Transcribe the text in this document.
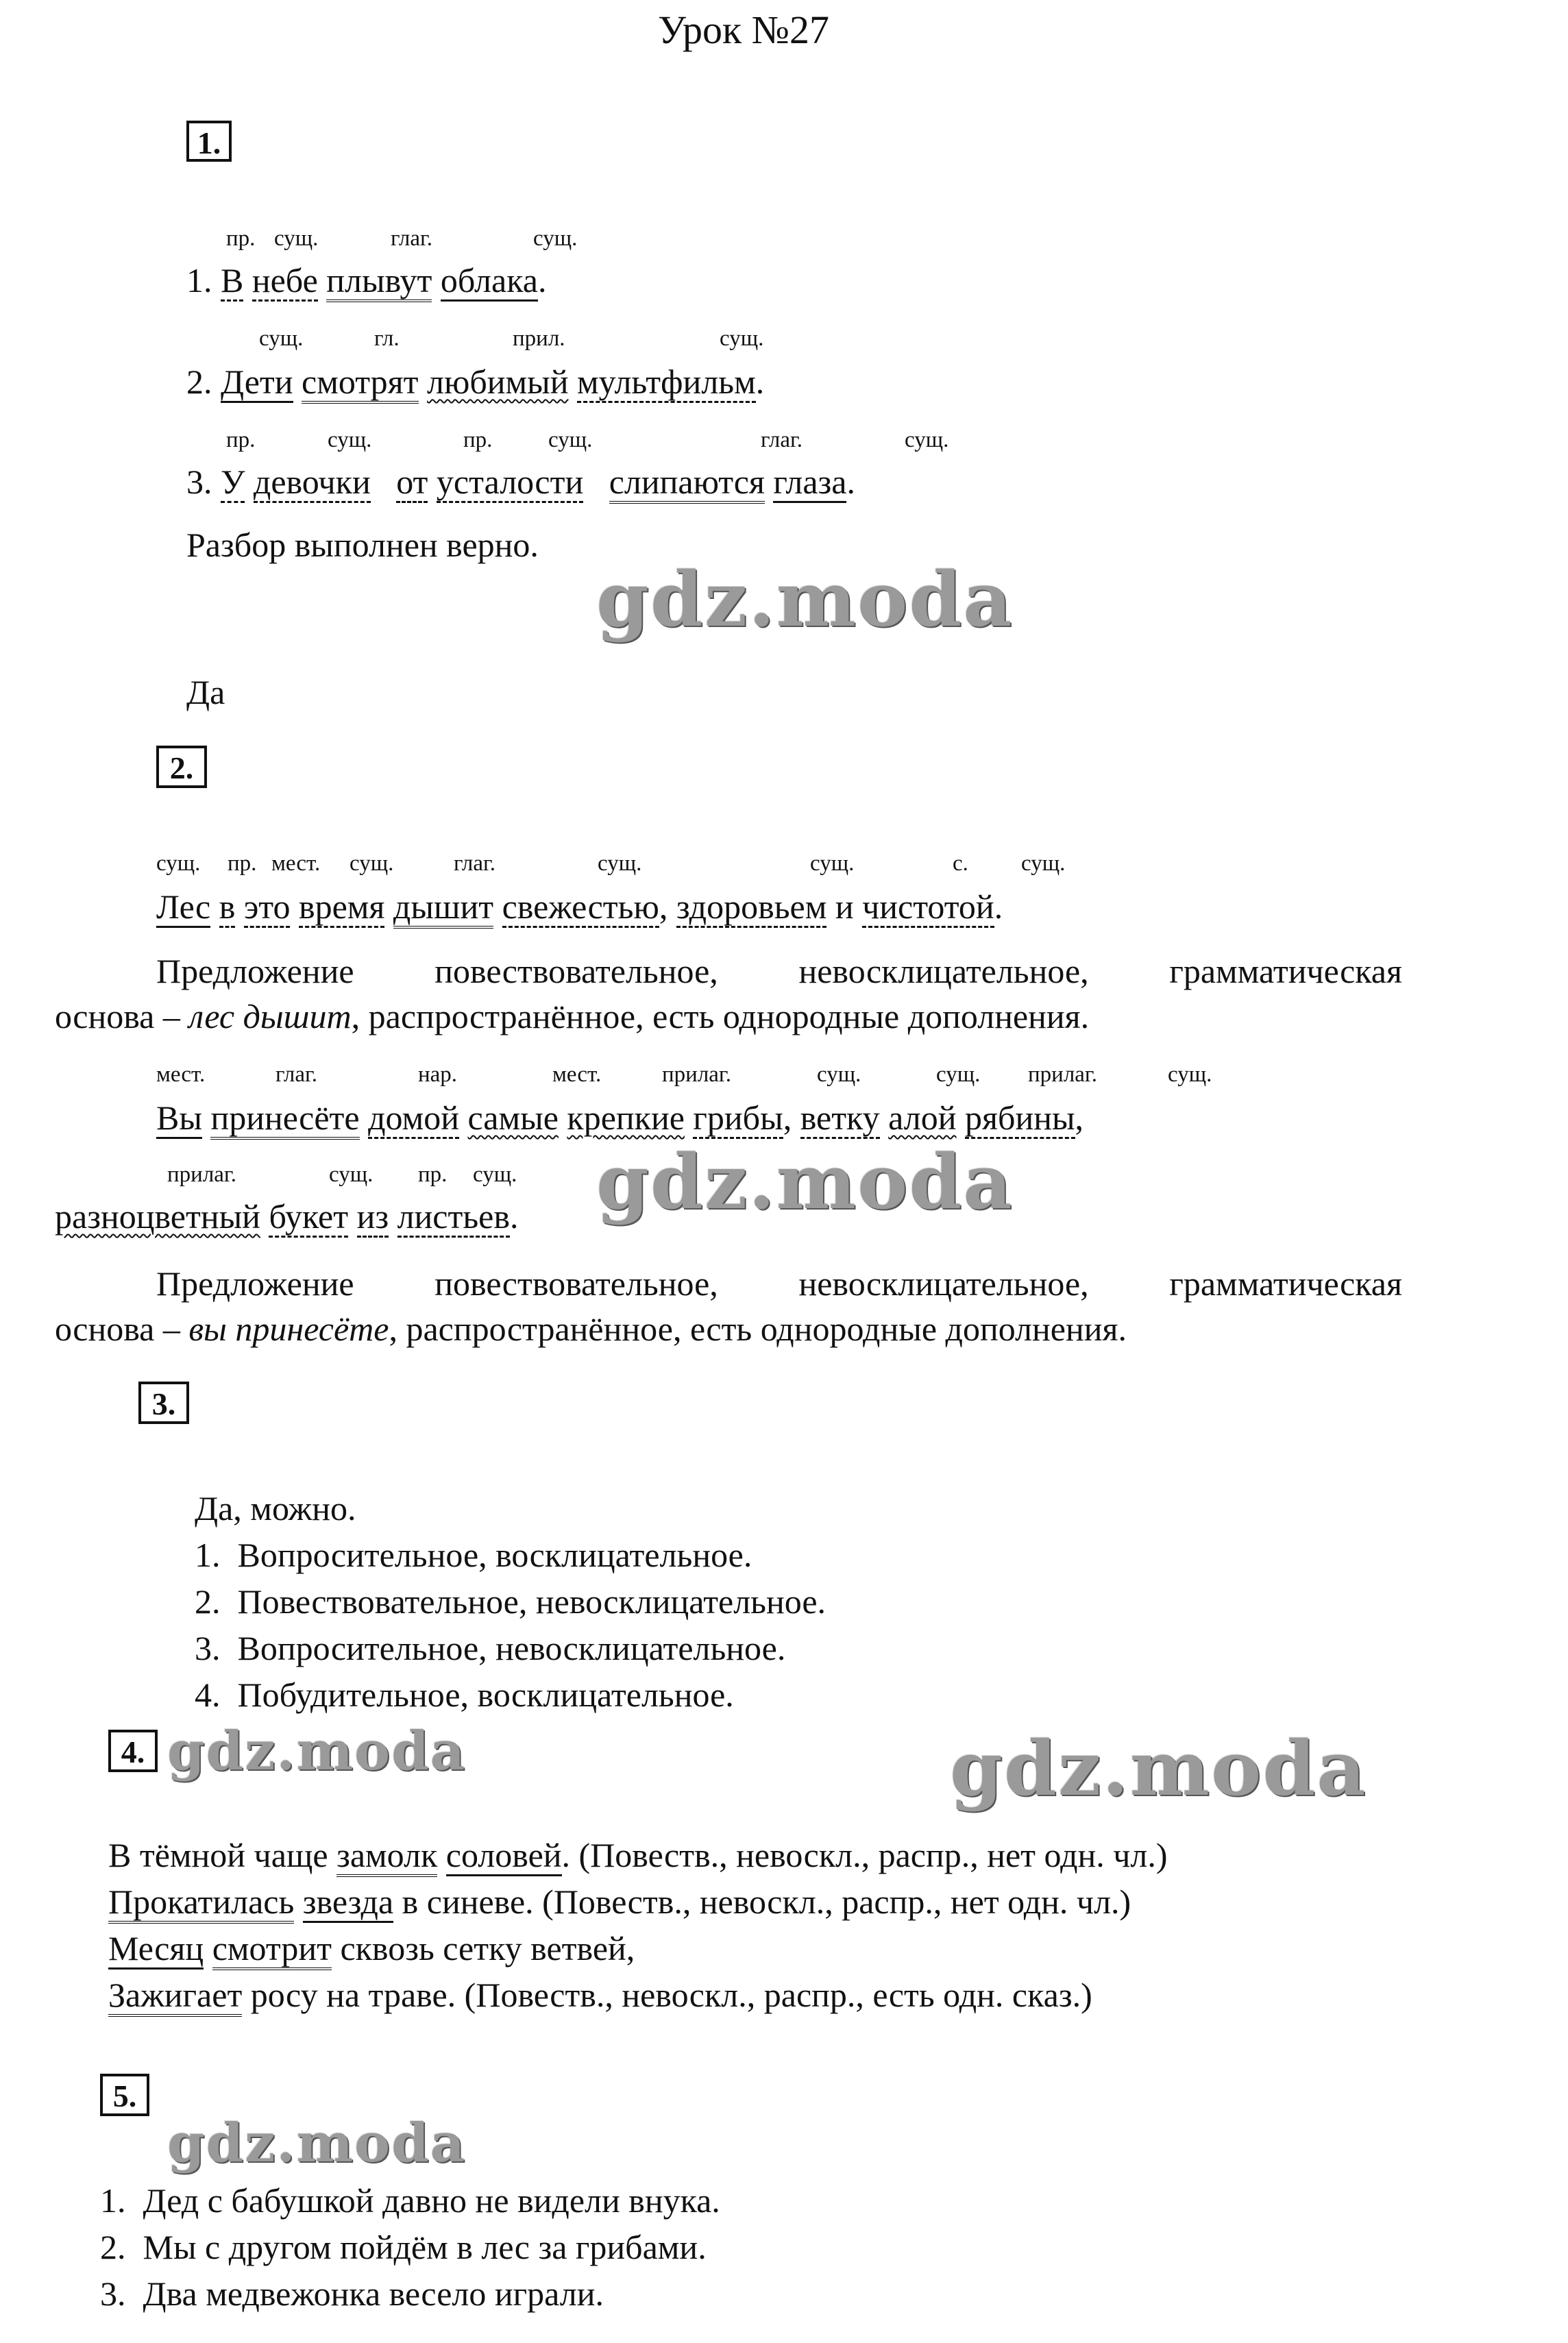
Урок №27
1.
пр. сущ.	глаг.	сущ.
1. В небе плывут облака.
сущ.	гл.	прил.	сущ.
2. Дети смотрят любимый мультфильм.
пр.	сущ.	пр. сущ.	глаг.	сущ.
3. У девочки от усталости слипаются глаза.
Разбор выполнен верно.
gdz.moda
Да
2.
сущ. пр. мест. сущ.	глаг.	сущ.	сущ.	с. сущ.
Лес в это время дышит свежестью, здоровьем и чистотой.
Предложение повествовательное, невосклицательное, грамматическая
основа – лес дышит, распространённое, есть однородные дополнения.
мест.	глаг.	нар.	мест.	прилаг.	сущ.	сущ. прилаг.	сущ.
Вы принесёте домой самые крепкие грибы, ветку алой рябины,
прилаг.	сущ. пр. сущ.
разноцветный букет из листьев. gdz.moda
Предложение повествовательное, невосклицательное, грамматическая
основа – вы принесёте, распространённое, есть однородные дополнения.
3.
Да, можно.
1. Вопросительное, восклицательное.
2. Повествовательное, невосклицательное.
3. Вопросительное, невосклицательное.
4. Побудительное, восклицательное.
4. gdz.moda	gdz.moda
В тёмной чаще замолк соловей. (Повеств., невоскл., распр., нет одн. чл.)
Прокатилась звезда в синеве. (Повеств., невоскл., распр., нет одн. чл.)
Месяц смотрит сквозь сетку ветвей,
Зажигает росу на траве. (Повеств., невоскл., распр., есть одн. сказ.)
5.
gdz.moda
1. Дед с бабушкой давно не видели внука.
2. Мы с другом пойдём в лес за грибами.
3. Два медвежонка весело играли.
